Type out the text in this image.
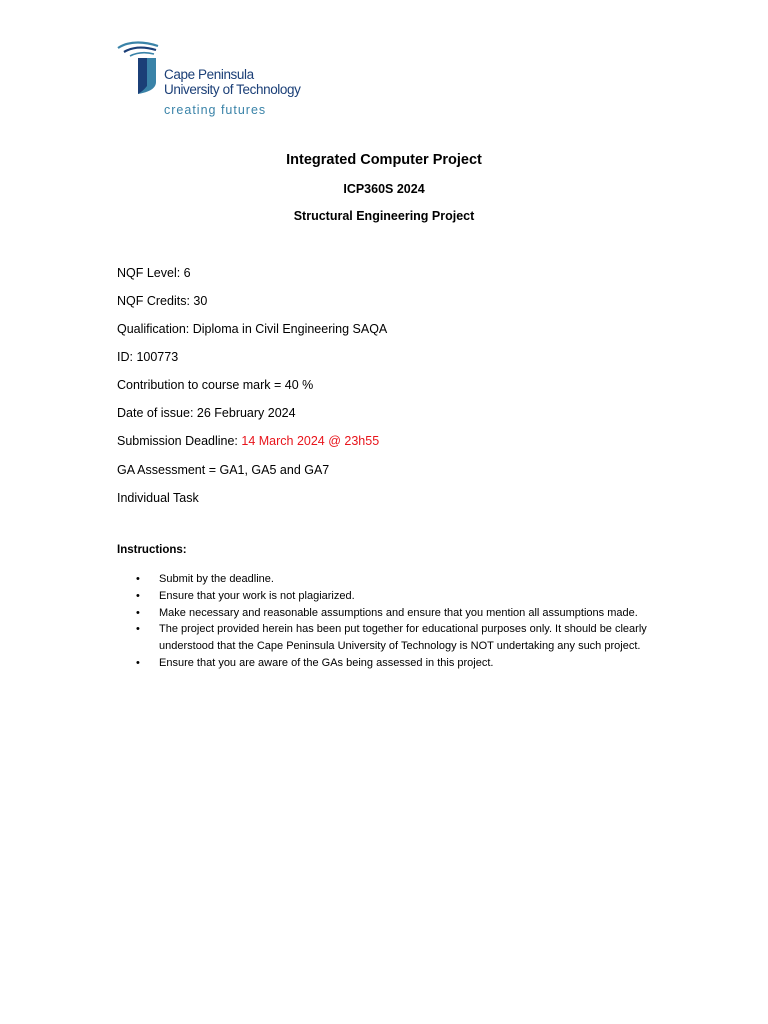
Cape Peninsula
University of Technology
creating futures
Integrated Computer Project
ICP360S 2024
Structural Engineering Project
NQF Level: 6
NQF Credits: 30
Qualification: Diploma in Civil Engineering SAQA
ID: 100773
Contribution to course mark = 40 %
Date of issue: 26 February 2024
Submission Deadline: 14 March 2024 @ 23h55
GA Assessment = GA1, GA5 and GA7
Individual Task
Instructions:
• Submit by the deadline.
• Ensure that your work is not plagiarized.
• Make necessary and reasonable assumptions and ensure that you mention all assumptions made.
• The project provided herein has been put together for educational purposes only. It should be clearly understood that the Cape Peninsula University of Technology is NOT undertaking any such project.
• Ensure that you are aware of the GAs being assessed in this project.
